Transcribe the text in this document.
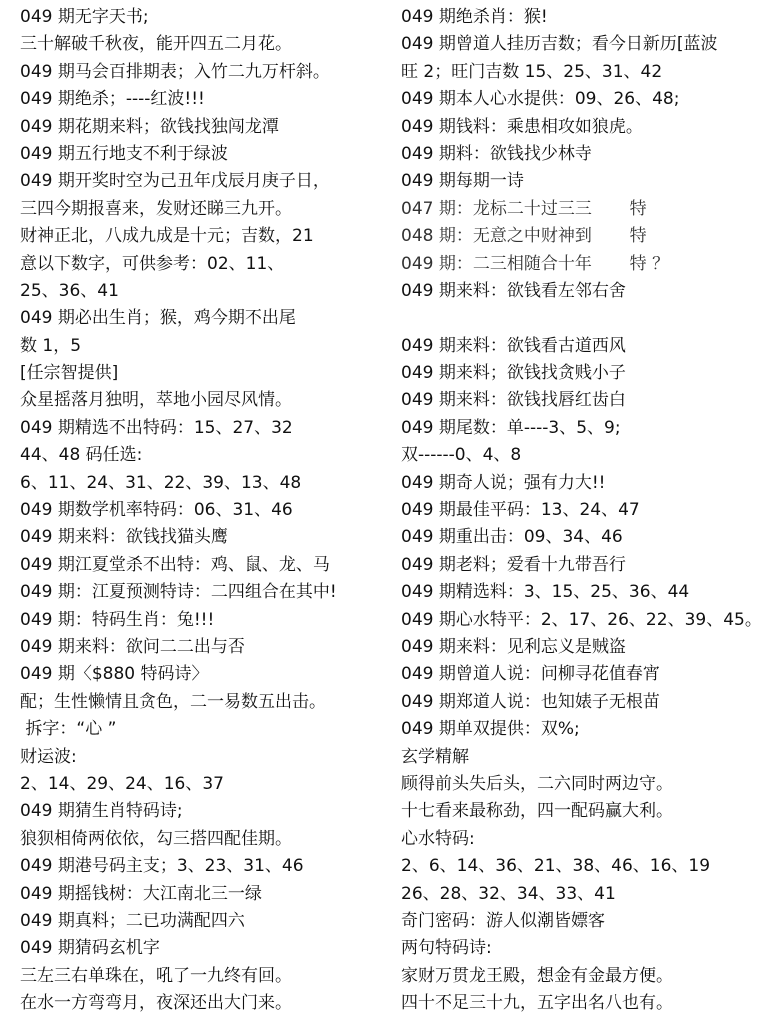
049 期无字天书;
三十解破千秋夜，能开四五二月花。
049 期马会百排期表；入竹二九万杆斜。
049 期绝杀；----红波!!!
049 期花期来料；欲钱找独闯龙潭
049 期五行地支不利于绿波
049 期开奖时空为己丑年戊辰月庚子日，
三四今期报喜来，发财还睇三九开。
财神正北，八成九成是十元；吉数，21
意以下数字，可供参考：02、11、
25、36、41
049 期必出生肖；猴，鸡今期不出尾
数 1，5
[任宗智提供]
众星摇落月独明，萃地小园尽风情。
049 期精选不出特码：15、27、32
44、48 码任选:
6、11、24、31、22、39、13、48
049 期数学机率特码：06、31、46
049 期来料：欲钱找猫头鹰
049 期江夏堂杀不出特：鸡、鼠、龙、马
049 期：江夏预测特诗：二四组合在其中!
049 期：特码生肖：兔!!!
049 期来料：欲问二二出与否
049 期〈$880 特码诗〉
配；生性懒情且贪色，二一易数五出击。
拆字：“心 ”
财运波:
2、14、29、24、16、37
049 期猜生肖特码诗;
狼狈相倚两依依，勾三搭四配佳期。
049 期港号码主支；3、23、31、46
049 期摇钱树：大江南北三一绿
049 期真料；二已功满配四六
049 期猜码玄机字
三左三右单珠在，吼了一九终有回。
在水一方弯弯月，夜深还出大门来。
049 期绝杀肖：猴!
049 期曾道人挂历吉数；看今日新历[蓝波
旺 2；旺门吉数 15、25、31、42
049 期本人心水提供：09、26、48;
049 期钱料：乘患相攻如狼虎。
049 期料：欲钱找少林寺
049 期每期一诗
047 期：龙标二十过三三       特
048 期：无意之中财神到       特
049 期：二三相随合十年       特 ？
049 期来料：欲钱看左邻右舍
049 期来料：欲钱看古道西风
049 期来料；欲钱找贪贱小子
049 期来料：欲钱找唇红齿白
049 期尾数：单----3、5、9;
双------0、4、8
049 期奇人说；强有力大!!
049 期最佳平码：13、24、47
049 期重出击：09、34、46
049 期老料；爱看十九带吾行
049 期精选料：3、15、25、36、44
049 期心水特平：2、17、26、22、39、45。
049 期来料：见利忘义是贼盗
049 期曾道人说：问柳寻花值春宵
049 期郑道人说：也知婊子无根苗
049 期单双提供：双%;
玄学精解
顾得前头失后头，二六同时两边守。
十七看来最称劲，四一配码赢大利。
心水特码:
2、6、14、36、21、38、46、16、19
26、28、32、34、33、41
奇门密码：游人似潮皆嫖客
两句特码诗:
家财万贯龙王殿，想金有金最方便。
四十不足三十九，五字出名八也有。
